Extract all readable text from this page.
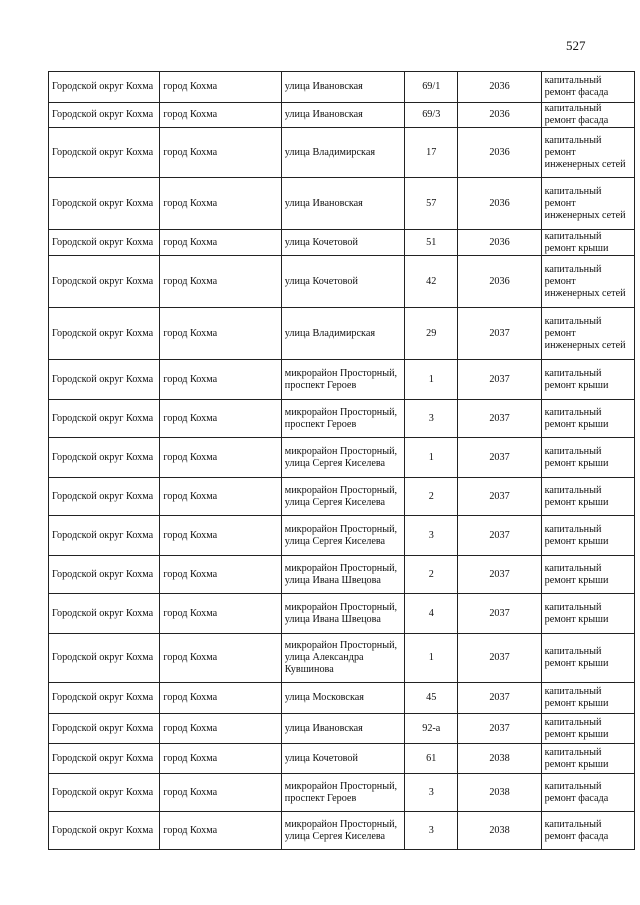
527
Городской округ Кохма	город Кохма	улица Ивановская	69/1	2036	капитальный ремонт фасада
Городской округ Кохма	город Кохма	улица Ивановская	69/3	2036	капитальный ремонт фасада
Городской округ Кохма	город Кохма	улица Владимирская	17	2036	капитальный ремонт инженерных сетей
Городской округ Кохма	город Кохма	улица Ивановская	57	2036	капитальный ремонт инженерных сетей
Городской округ Кохма	город Кохма	улица Кочетовой	51	2036	капитальный ремонт крыши
Городской округ Кохма	город Кохма	улица Кочетовой	42	2036	капитальный ремонт инженерных сетей
Городской округ Кохма	город Кохма	улица Владимирская	29	2037	капитальный ремонт инженерных сетей
Городской округ Кохма	город Кохма	микрорайон Просторный, проспект Героев	1	2037	капитальный ремонт крыши
Городской округ Кохма	город Кохма	микрорайон Просторный, проспект Героев	3	2037	капитальный ремонт крыши
Городской округ Кохма	город Кохма	микрорайон Просторный, улица Сергея Киселева	1	2037	капитальный ремонт крыши
Городской округ Кохма	город Кохма	микрорайон Просторный, улица Сергея Киселева	2	2037	капитальный ремонт крыши
Городской округ Кохма	город Кохма	микрорайон Просторный, улица Сергея Киселева	3	2037	капитальный ремонт крыши
Городской округ Кохма	город Кохма	микрорайон Просторный, улица Ивана Швецова	2	2037	капитальный ремонт крыши
Городской округ Кохма	город Кохма	микрорайон Просторный, улица Ивана Швецова	4	2037	капитальный ремонт крыши
Городской округ Кохма	город Кохма	микрорайон Просторный, улица Александра Кувшинова	1	2037	капитальный ремонт крыши
Городской округ Кохма	город Кохма	улица Московская	45	2037	капитальный ремонт крыши
Городской округ Кохма	город Кохма	улица Ивановская	92-а	2037	капитальный ремонт крыши
Городской округ Кохма	город Кохма	улица Кочетовой	61	2038	капитальный ремонт крыши
Городской округ Кохма	город Кохма	микрорайон Просторный, проспект Героев	3	2038	капитальный ремонт фасада
Городской округ Кохма	город Кохма	микрорайон Просторный, улица Сергея Киселева	3	2038	капитальный ремонт фасада
